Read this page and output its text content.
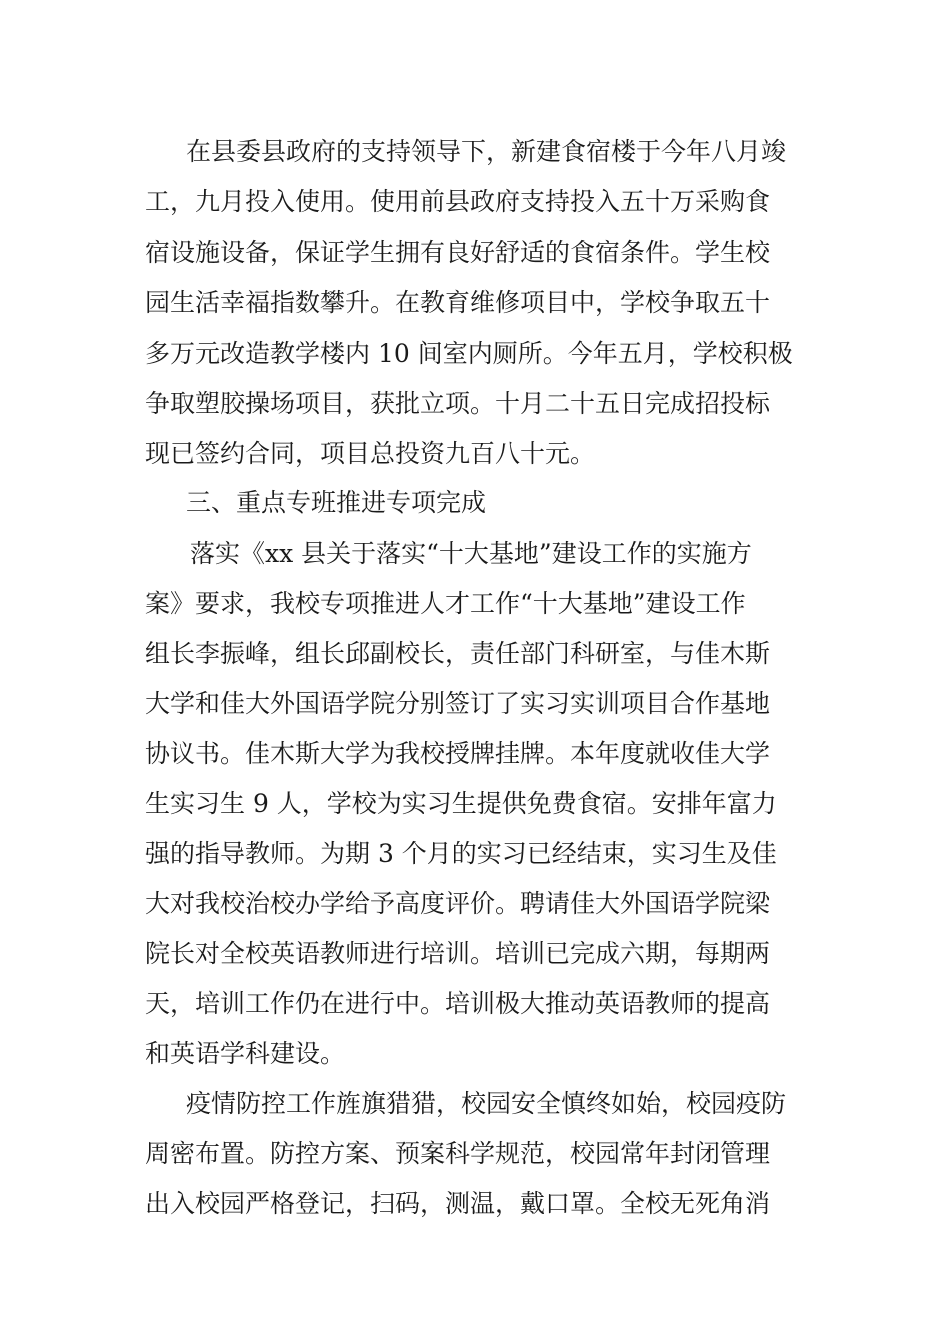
在县委县政府的支持领导下，新建食宿楼于今年八月竣
工，九月投入使用。使用前县政府支持投入五十万采购食
宿设施设备，保证学生拥有良好舒适的食宿条件。学生校
园生活幸福指数攀升。在教育维修项目中，学校争取五十
多万元改造教学楼内 10 间室内厕所。今年五月，学校积极
争取塑胶操场项目，获批立项。十月二十五日完成招投标
现已签约合同，项目总投资九百八十元。
三、重点专班推进专项完成
落实《xx 县关于落实“十大基地”建设工作的实施方
案》要求，我校专项推进人才工作“十大基地”建设工作
组长李振峰，组长邱副校长，责任部门科研室，与佳木斯
大学和佳大外国语学院分别签订了实习实训项目合作基地
协议书。佳木斯大学为我校授牌挂牌。本年度就收佳大学
生实习生 9 人，学校为实习生提供免费食宿。安排年富力
强的指导教师。为期 3 个月的实习已经结束，实习生及佳
大对我校治校办学给予高度评价。聘请佳大外国语学院梁
院长对全校英语教师进行培训。培训已完成六期，每期两
天，培训工作仍在进行中。培训极大推动英语教师的提高
和英语学科建设。
疫情防控工作旌旗猎猎，校园安全慎终如始，校园疫防
周密布置。防控方案、预案科学规范，校园常年封闭管理
出入校园严格登记，扫码，测温，戴口罩。全校无死角消
